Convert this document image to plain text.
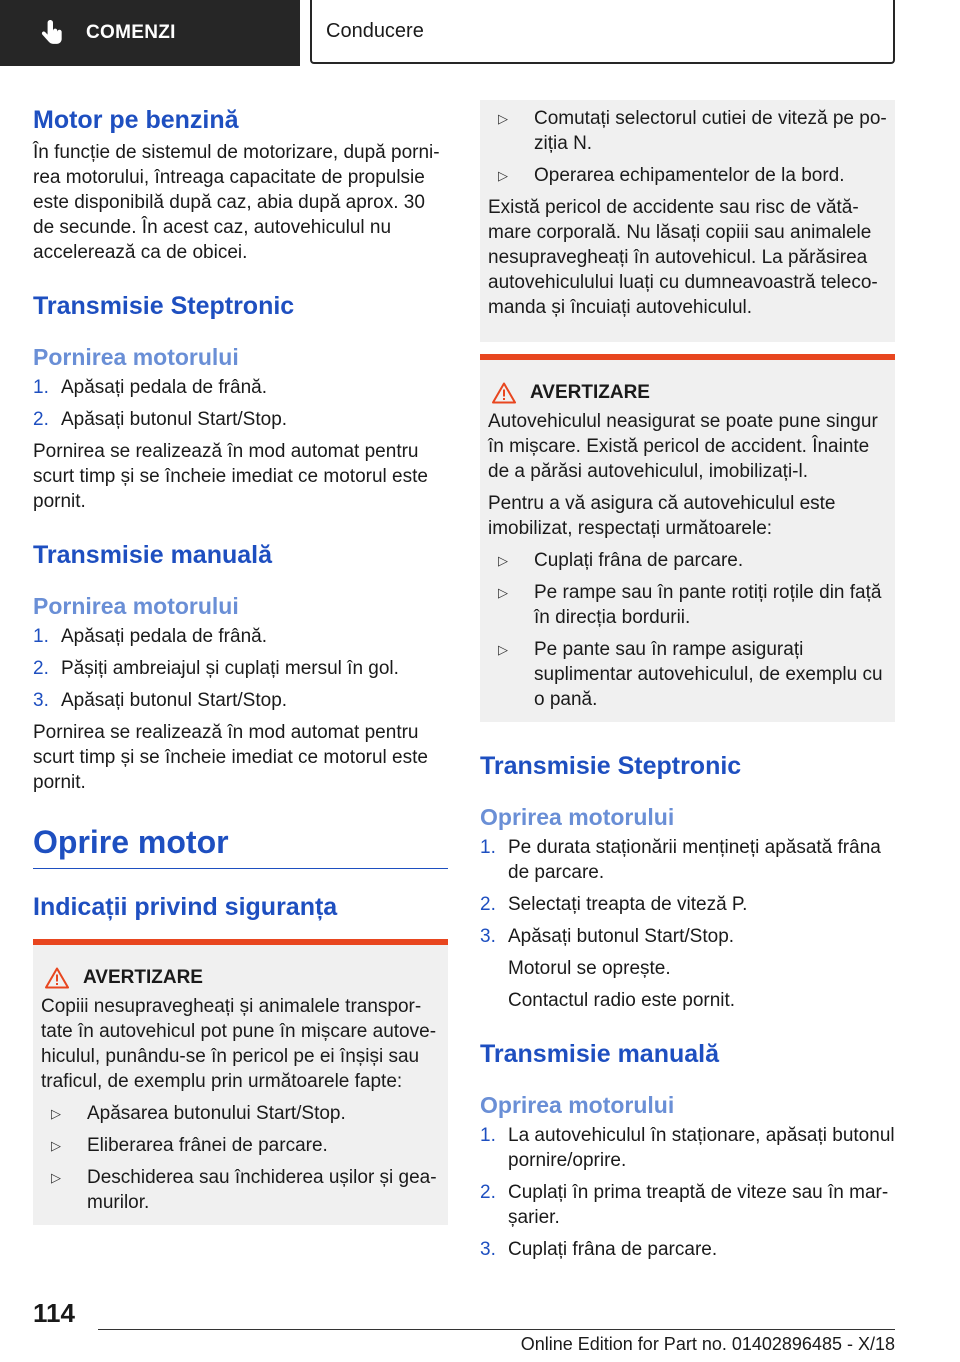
COMENZI	Conducere
Motor pe benzină

În funcție de sistemul de motorizare, după pornirea motorului, întreaga capacitate de propulsie este disponibilă după caz, abia după aprox. 30 de secunde. În acest caz, autovehiculul nu accelerează ca de obicei.

Transmisie Steptronic
Pornirea motorului
1. Apăsați pedala de frână.
2. Apăsați butonul Start/Stop.

Pornirea se realizează în mod automat pentru scurt timp și se încheie imediat ce motorul este pornit.

Transmisie manuală
Pornirea motorului
1. Apăsați pedala de frână.
2. Pășiți ambreiajul și cuplați mersul în gol.
3. Apăsați butonul Start/Stop.

Pornirea se realizează în mod automat pentru scurt timp și se încheie imediat ce motorul este pornit.

Oprire motor
Indicații privind siguranța
AVERTIZARE

Copiii nesupravegheați și animalele transportate în autovehicul pot pune în mișcare autovehiculul, punându-se în pericol pe ei înșiși sau traficul, de exemplu prin următoarele fapte:

▷	Apăsarea butonului Start/Stop.
▷	Eliberarea frânei de parcare.
▷	Deschiderea sau închiderea ușilor și geamurilor.
▷	Comutați selectorul cutiei de viteză pe poziția N.
▷	Operarea echipamentelor de la bord.

Există pericol de accidente sau risc de vătămare corporală. Nu lăsați copiii sau animalele nesupravegheați în autovehicul. La părăsirea autovehiculului luați cu dumneavoastră telecomanda și încuiați autovehiculul.

AVERTIZARE

Autovehiculul neasigurat se poate pune singur în mișcare. Există pericol de accident. Înainte de a părăsi autovehiculul, imobilizați-l.

Pentru a vă asigura că autovehiculul este imobilizat, respectați următoarele:

▷	Cuplați frâna de parcare.
▷	Pe rampe sau în pante rotiți roțile din față în direcția bordurii.
▷	Pe pante sau în rampe asigurați suplimentar autovehiculul, de exemplu cu o pană.
Transmisie Steptronic
Oprirea motorului
1. Pe durata staționării mențineți apăsată frâna de parcare.
2. Selectați treapta de viteză P.
3. Apăsați butonul Start/Stop.
Motorul se oprește.
Contactul radio este pornit.
Transmisie manuală
Oprirea motorului
1. La autovehiculul în staționare, apăsați butonul pornire/oprire.
2. Cuplați în prima treaptă de viteze sau în marșarier.
3. Cuplați frâna de parcare.
114
Online Edition for Part no. 01402896485 - X/18
